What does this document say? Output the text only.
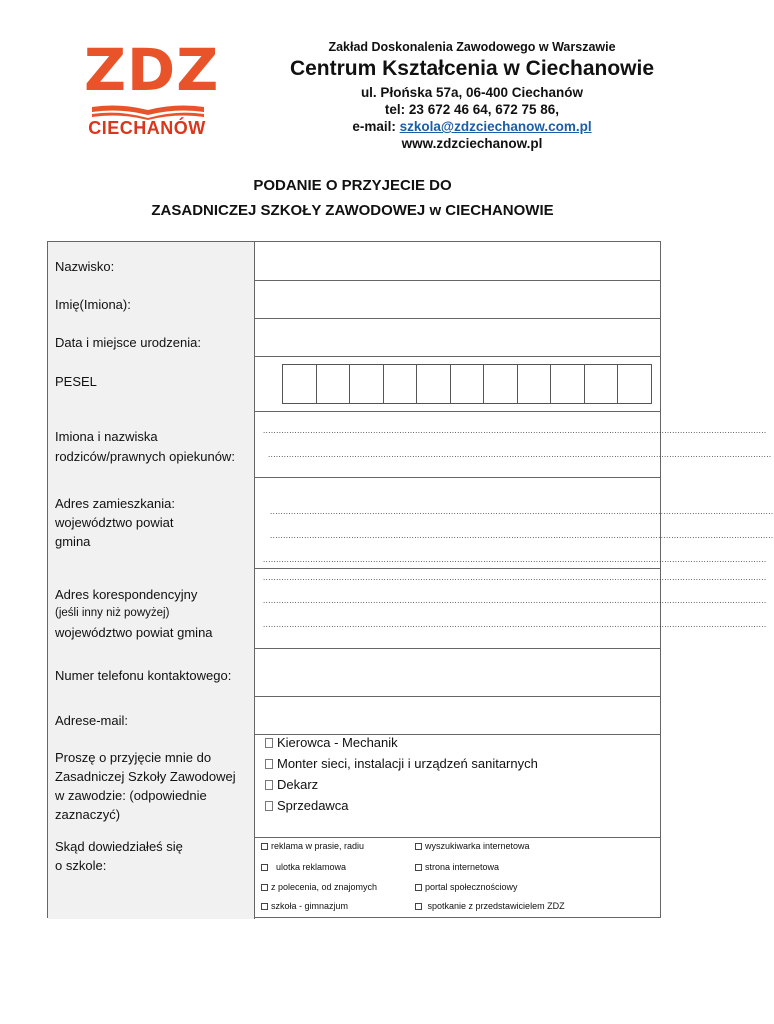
ZDZ
CIECHANÓW
Zakład Doskonalenia Zawodowego w Warszawie
Centrum Kształcenia w Ciechanowie
ul. Płońska 57a, 06-400 Ciechanów
tel: 23 672 46 64, 672 75 86,
e-mail: szkola@zdzciechanow.com.pl
www.zdzciechanow.pl
PODANIE O PRZYJECIE DO
ZASADNICZEJ SZKOŁY ZAWODOWEJ w CIECHANOWIE
Nazwisko:
Imię(Imiona):
Data i miejsce urodzenia:
PESEL
Imiona i nazwiska
rodziców/prawnych opiekunów:
................................................................................................................................................................................................
................................................................................................................................................................................................
Adres zamieszkania:
województwo powiat
gmina
................................................................................................................................................................................................
................................................................................................................................................................................................
................................................................................................................................................................................................
Adres korespondencyjny
(jeśli inny niż powyżej)
województwo powiat gmina
................................................................................................................................................................................................
................................................................................................................................................................................................
................................................................................................................................................................................................
Numer telefonu kontaktowego:
Adrese-mail:
Proszę o przyjęcie mnie do
Zasadniczej Szkoły Zawodowej
w zawodzie: (odpowiednie
zaznaczyć)
Kierowca - Mechanik
Monter sieci, instalacji i urządzeń sanitarnych
Dekarz
Sprzedawca
Skąd dowiedziałeś się
o szkole:
reklama w prasie, radiu
ulotka reklamowa
z polecenia, od znajomych
szkoła - gimnazjum
wyszukiwarka internetowa
strona internetowa
portal społecznościowy
spotkanie z przedstawicielem ZDZ
